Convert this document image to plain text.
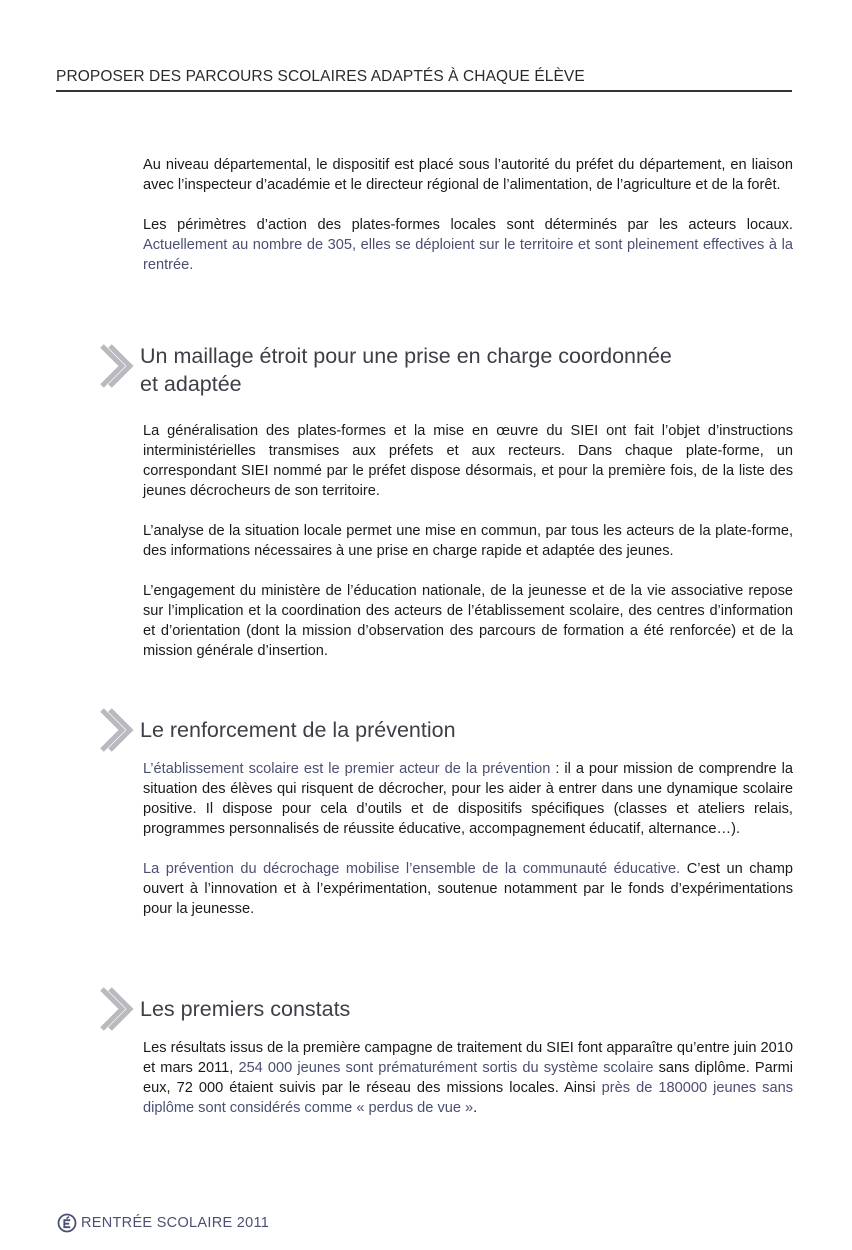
PROPOSER DES PARCOURS SCOLAIRES ADAPTÉS À CHAQUE ÉLÈVE

Au niveau départemental, le dispositif est placé sous l’autorité du préfet du département, en liaison avec l’inspecteur d’académie et le directeur régional de l’alimentation, de l’agriculture et de la forêt.

Les périmètres d’action des plates-formes locales sont déterminés par les acteurs locaux. Actuellement au nombre de 305, elles se déploient sur le territoire et sont pleinement effectives à la rentrée.

Un maillage étroit pour une prise en charge coordonnée
et adaptée

La généralisation des plates-formes et la mise en œuvre du SIEI ont fait l’objet d’instructions interministérielles transmises aux préfets et aux recteurs. Dans chaque plate-forme, un correspondant SIEI nommé par le préfet dispose désormais, et pour la première fois, de la liste des jeunes décrocheurs de son territoire.

L’analyse de la situation locale permet une mise en commun, par tous les acteurs de la plate-forme, des informations nécessaires à une prise en charge rapide et adaptée des jeunes.

L’engagement du ministère de l’éducation nationale, de la jeunesse et de la vie associative repose sur l’implication et la coordination des acteurs de l’établissement scolaire, des centres d’information et d’orientation (dont la mission d’observation des parcours de formation a été renforcée) et de la mission générale d’insertion.

Le renforcement de la prévention

L’établissement scolaire est le premier acteur de la prévention : il a pour mission de comprendre la situation des élèves qui risquent de décrocher, pour les aider à entrer dans une dynamique scolaire positive. Il dispose pour cela d’outils et de dispositifs spécifiques (classes et ateliers relais, programmes personnalisés de réussite éducative, accompagnement éducatif, alternance…).

La prévention du décrochage mobilise l’ensemble de la communauté éducative. C’est un champ ouvert à l’innovation et à l’expérimentation, soutenue notamment par le fonds d’expérimentations pour la jeunesse.

Les premiers constats

Les résultats issus de la première campagne de traitement du SIEI font apparaître qu’entre juin 2010 et mars 2011, 254 000 jeunes sont prématurément sortis du système scolaire sans diplôme. Parmi eux, 72 000 étaient suivis par le réseau des missions locales. Ainsi près de 180000 jeunes sans diplôme sont considérés comme « perdus de vue ».

RENTRÉE SCOLAIRE 2011
